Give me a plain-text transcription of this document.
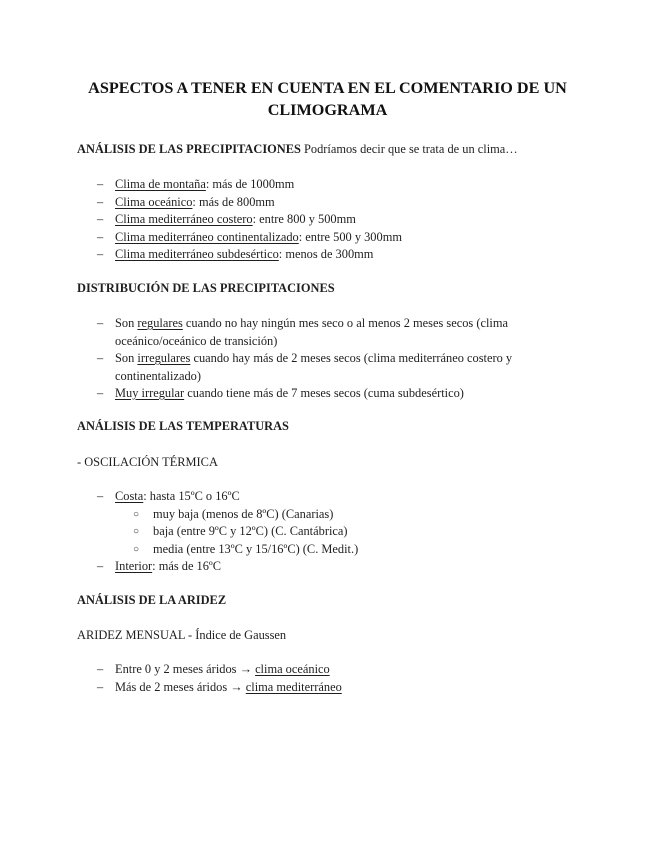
ASPECTOS A TENER EN CUENTA EN EL COMENTARIO DE UN CLIMOGRAMA
ANÁLISIS DE LAS PRECIPITACIONES Podríamos decir que se trata de un clima…
– Clima de montaña: más de 1000mm
– Clima oceánico: más de 800mm
– Clima mediterráneo costero: entre 800 y 500mm
– Clima mediterráneo continentalizado: entre 500 y 300mm
– Clima mediterráneo subdesértico: menos de 300mm
DISTRIBUCIÓN DE LAS PRECIPITACIONES
– Son regulares cuando no hay ningún mes seco o al menos 2 meses secos (clima oceánico/oceánico de transición)
– Son irregulares cuando hay más de 2 meses secos (clima mediterráneo costero y continentalizado)
– Muy irregular cuando tiene más de 7 meses secos (cuma subdesértico)
ANÁLISIS DE LAS TEMPERATURAS
- OSCILACIÓN TÉRMICA
– Costa: hasta 15ºC o 16ºC
○ muy baja (menos de 8ºC) (Canarias)
○ baja (entre 9ºC y 12ºC) (C. Cantábrica)
○ media (entre 13ºC y 15/16ºC) (C. Medit.)
– Interior: más de 16ºC
ANÁLISIS DE LA ARIDEZ
ARIDEZ MENSUAL - Índice de Gaussen
– Entre 0 y 2 meses áridos → clima oceánico
– Más de 2 meses áridos → clima mediterráneo
